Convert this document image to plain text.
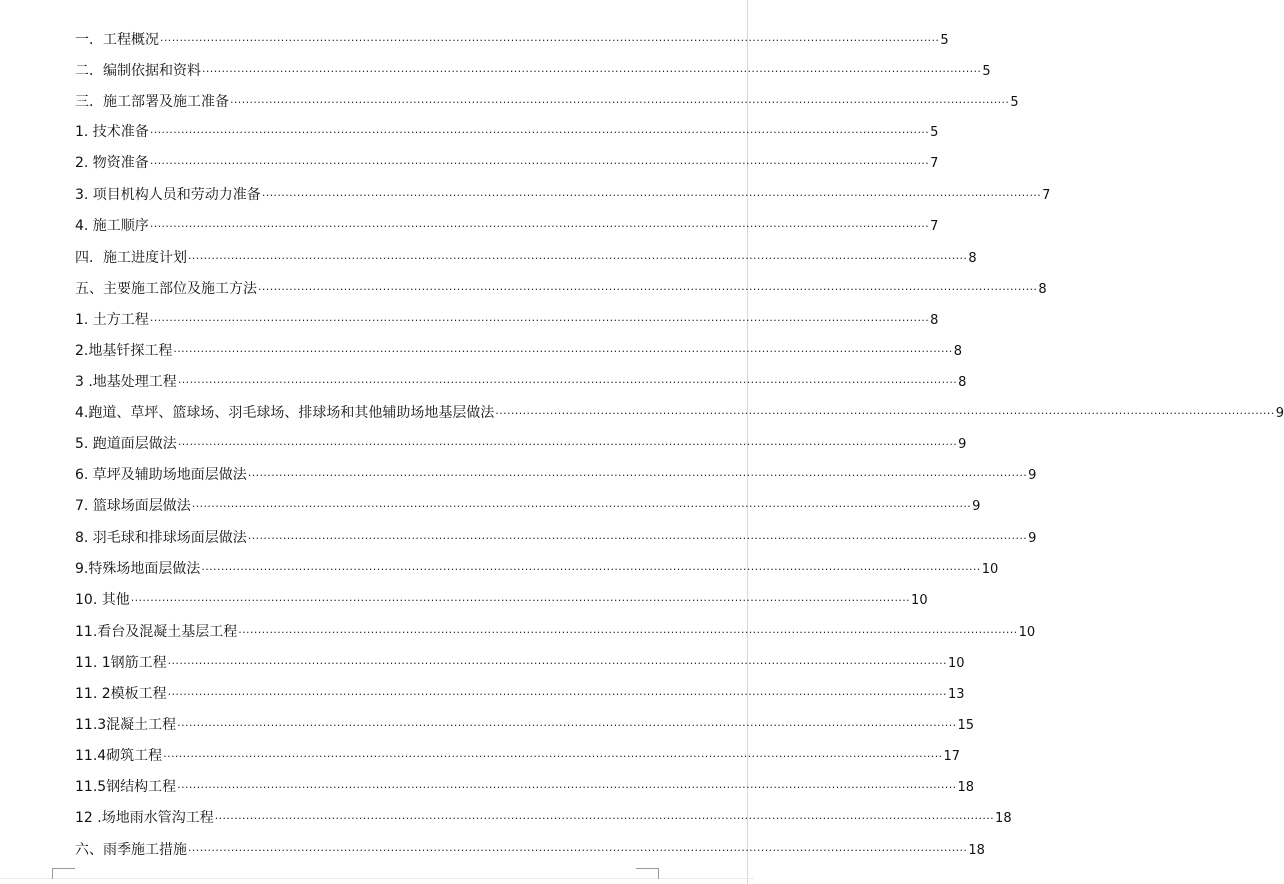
一．工程概况 ········································································································································································································ 5
二．编制依据和资料 ········································································································································································································ 5
三．施工部署及施工准备 ········································································································································································································ 5
1. 技术准备 ········································································································································································································ 5
2. 物资准备 ········································································································································································································ 7
3. 项目机构人员和劳动力准备 ········································································································································································································ 7
4. 施工顺序 ········································································································································································································ 7
四．施工进度计划 ········································································································································································································ 8
五、主要施工部位及施工方法 ········································································································································································································ 8
1. 土方工程 ········································································································································································································ 8
2.地基钎探工程 ········································································································································································································ 8
3 .地基处理工程 ········································································································································································································ 8
4.跑道、草坪、篮球场、羽毛球场、排球场和其他辅助场地基层做法 ········································································································································································································ 9
5. 跑道面层做法 ········································································································································································································ 9
6. 草坪及辅助场地面层做法 ········································································································································································································ 9
7. 篮球场面层做法 ········································································································································································································ 9
8. 羽毛球和排球场面层做法 ········································································································································································································ 9
9.特殊场地面层做法 ········································································································································································································ 10
10. 其他 ········································································································································································································ 10
11.看台及混凝土基层工程 ········································································································································································································ 10
11. 1钢筋工程 ········································································································································································································ 10
11. 2模板工程 ········································································································································································································ 13
11.3混凝土工程 ········································································································································································································ 15
11.4砌筑工程 ········································································································································································································ 17
11.5钢结构工程 ········································································································································································································ 18
12 .场地雨水管沟工程 ········································································································································································································ 18
六、雨季施工措施 ········································································································································································································ 18
